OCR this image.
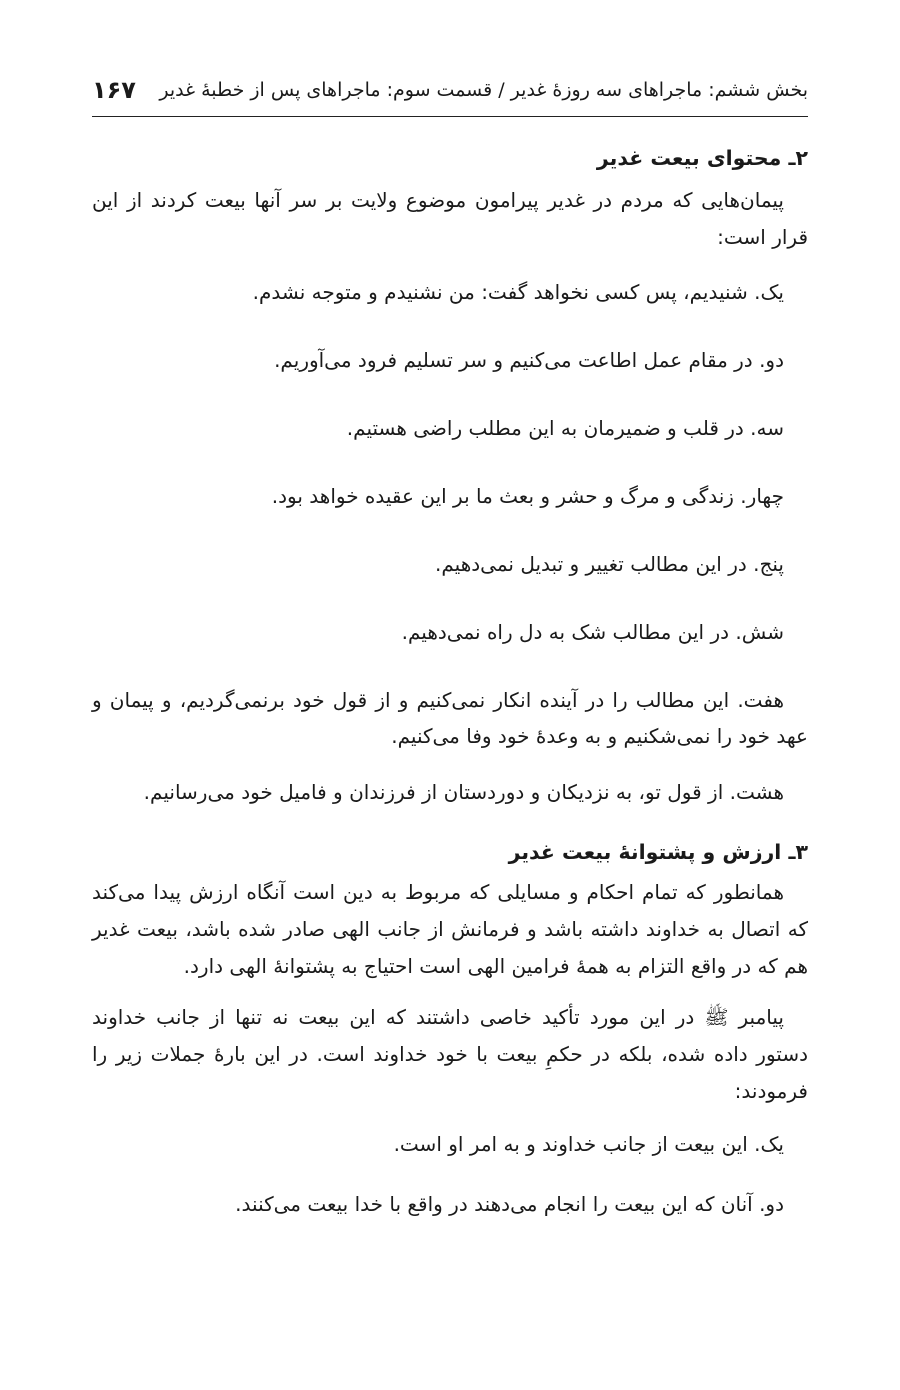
بخش ششم: ماجراهای سه روزهٔ غدیر / قسمت سوم: ماجراهای پس از خطبهٔ غدیر
۱۶۷
۲ـ محتوای بیعت غدیر

پیمان‌هایی که مردم در غدیر پیرامون موضوع ولایت بر سر آنها بیعت کردند از این قرار است:

یک. شنیدیم، پس کسی نخواهد گفت: من نشنیدم و متوجه نشدم.

دو. در مقام عمل اطاعت می‌کنیم و سر تسلیم فرود می‌آوریم.

سه. در قلب و ضمیرمان به این مطلب راضی هستیم.

چهار. زندگی و مرگ و حشر و بعث ما بر این عقیده خواهد بود.

پنج. در این مطالب تغییر و تبدیل نمی‌دهیم.

شش. در این مطالب شک به دل راه نمی‌دهیم.

هفت. این مطالب را در آینده انکار نمی‌کنیم و از قول خود برنمی‌گردیم، و پیمان و عهد خود را نمی‌شکنیم و به وعدهٔ خود وفا می‌کنیم.

هشت. از قول تو، به نزدیکان و دوردستان از فرزندان و فامیل خود می‌رسانیم.

۳ـ ارزش و پشتوانهٔ بیعت غدیر

همانطور که تمام احکام و مسایلی که مربوط به دین است آنگاه ارزش پیدا می‌کند که اتصال به خداوند داشته باشد و فرمانش از جانب الهی صادر شده باشد، بیعت غدیر هم که در واقع التزام به همهٔ فرامین الهی است احتیاج به پشتوانهٔ الهی دارد.

پیامبر ﷺ در این مورد تأکید خاصی داشتند که این بیعت نه تنها از جانب خداوند دستور داده شده، بلکه در حکمِ بیعت با خود خداوند است. در این بارهٔ جملات زیر را فرمودند:

یک. این بیعت از جانب خداوند و به امر او است.

دو. آنان که این بیعت را انجام می‌دهند در واقع با خدا بیعت می‌کنند.
